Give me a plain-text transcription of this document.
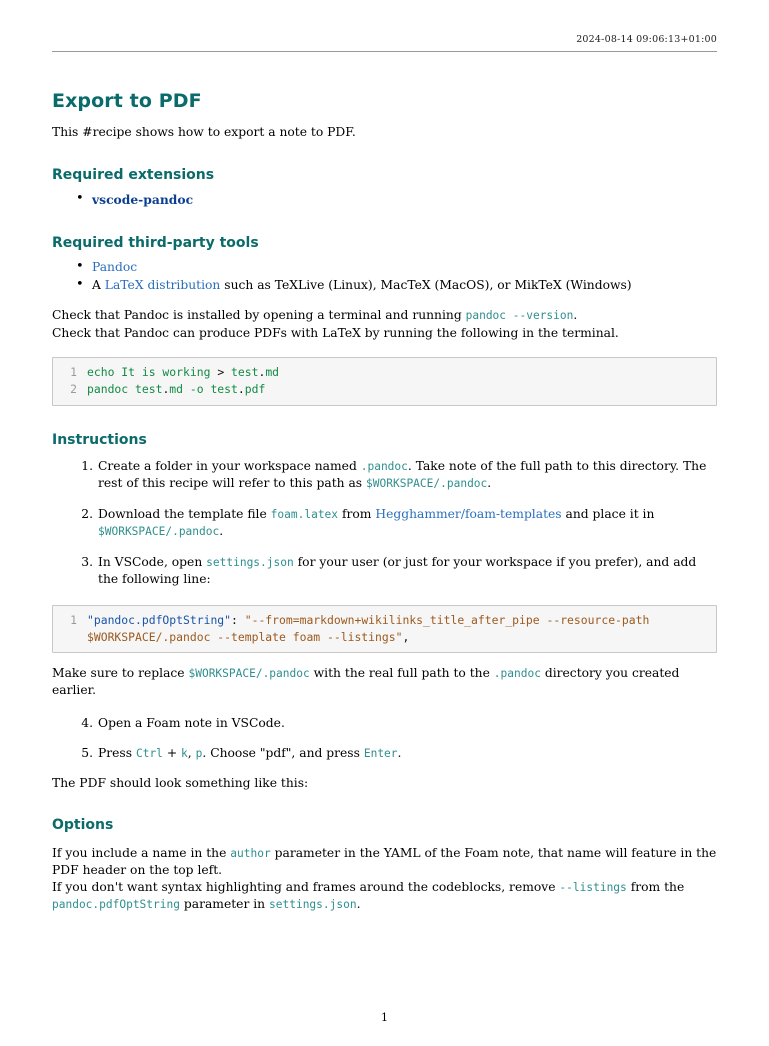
2024-08-14 09:06:13+01:00
Export to PDF

This #recipe shows how to export a note to PDF.

Required extensions
• vscode-pandoc
Required third-party tools
• Pandoc
• A LaTeX distribution such as TeXLive (Linux), MacTeX (MacOS), or MikTeX (Windows)

Check that Pandoc is installed by opening a terminal and running pandoc --version.

Check that Pandoc can produce PDFs with LaTeX by running the following in the terminal.

1 echo It is working > test.md
2 pandoc test.md -o test.pdf
Instructions
1. Create a folder in your workspace named .pandoc. Take note of the full path to this directory. The rest of this recipe will refer to this path as $WORKSPACE/.pandoc.
2. Download the template file foam.latex from Hegghammer/foam-templates and place it in $WORKSPACE/.pandoc.
3. In VSCode, open settings.json for your user (or just for your workspace if you prefer), and add the following line:
1 "pandoc.pdfOptString": "--from=markdown+wikilinks_title_after_pipe --resource-path $WORKSPACE/.pandoc --template foam --listings",

Make sure to replace $WORKSPACE/.pandoc with the real full path to the .pandoc directory you created earlier.

4. Open a Foam note in VSCode.
5. Press Ctrl + k, p. Choose "pdf", and press Enter.

The PDF should look something like this:

Options

If you include a name in the author parameter in the YAML of the Foam note, that name will feature in the PDF header on the top left.

If you don't want syntax highlighting and frames around the codeblocks, remove --listings from the pandoc.pdfOptString parameter in settings.json.

1
